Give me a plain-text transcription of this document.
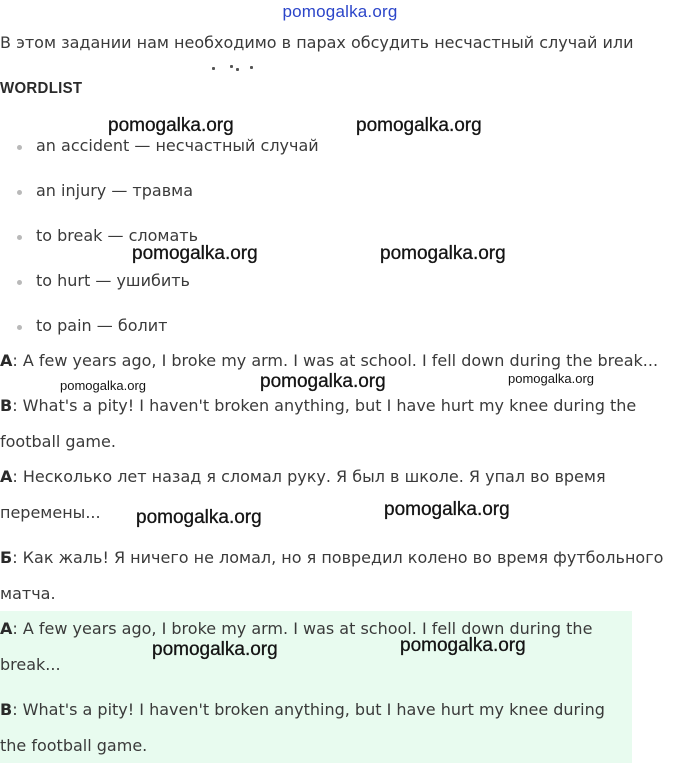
pomogalka.org
В этом задании нам необходимо в парах обсудить несчастный случай или
WORDLIST
an accident — несчастный случай
an injury — травма
to break — сломать
to hurt — ушибить
to pain — болит
A: A few years ago, I broke my arm. I was at school. I fell down during the break...
B: What's a pity! I haven't broken anything, but I have hurt my knee during the
football game.
А: Несколько лет назад я сломал руку. Я был в школе. Я упал во время
перемены...
Б: Как жаль! Я ничего не ломал, но я повредил колено во время футбольного
матча.
A: A few years ago, I broke my arm. I was at school. I fell down during the
break...
B: What's a pity! I haven't broken anything, but I have hurt my knee during
the football game.
pomogalka.org	pomogalka.org
pomogalka.org	pomogalka.org
pomogalka.org	pomogalka.org	pomogalka.org
pomogalka.org	pomogalka.org
pomogalka.org	pomogalka.org
